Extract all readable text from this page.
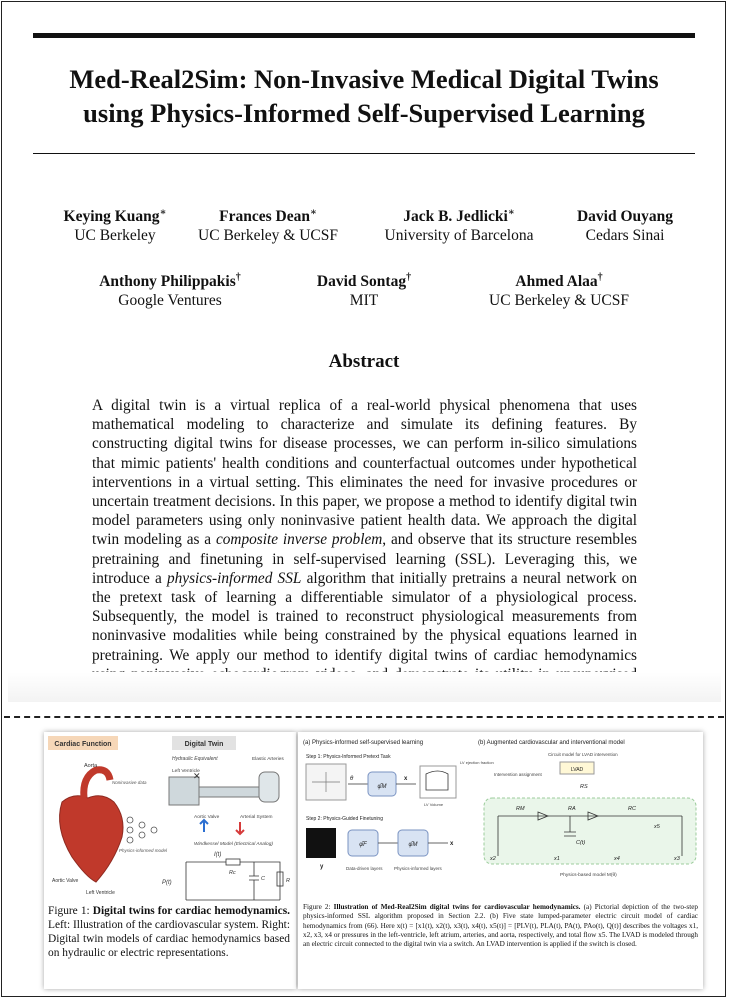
Med-Real2Sim: Non-Invasive Medical Digital Twins
using Physics-Informed Self-Supervised Learning
Keying Kuang∗
UC Berkeley
Frances Dean∗
UC Berkeley & UCSF
Jack B. Jedlicki∗
University of Barcelona
David Ouyang
Cedars Sinai
Anthony Philippakis†
Google Ventures
David Sontag†
MIT
Ahmed Alaa†
UC Berkeley & UCSF
Abstract
A digital twin is a virtual replica of a real-world physical phenomena that uses mathematical modeling to characterize and simulate its defining features. By constructing digital twins for disease processes, we can perform in-silico simulations that mimic patients' health conditions and counterfactual outcomes under hypothetical interventions in a virtual setting. This eliminates the need for invasive procedures or uncertain treatment decisions. In this paper, we propose a method to identify digital twin model parameters using only noninvasive patient health data. We approach the digital twin modeling as a composite inverse problem, and observe that its structure resembles pretraining and finetuning in self-supervised learning (SSL). Leveraging this, we introduce a physics-informed SSL algorithm that initially pretrains a neural network on the pretext task of learning a differentiable simulator of a physiological process. Subsequently, the model is trained to reconstruct physiological measurements from noninvasive modalities while being constrained by the physical equations learned in pretraining. We apply our method to identify digital twins of cardiac hemodynamics
Cardiac Function	Digital Twin
Aorta
Noninvasive data
Physics-informed model
Aortic Valve
Left Ventricle
Hydraulic Equivalent
Left Ventricle
Elastic Arteries
✕
Aortic Valve	Arterial System
Windkessel Model (Electrical Analog)
I(t)
P(t)
Rc
C	R
Figure 1: Digital twins for cardiac hemodynamics. Left: Illustration of the cardiovascular system. Right: Digital twin models of cardiac hemodynamics based on hydraulic or electric representations.
(a) Physics-informed self-supervised learning	(b) Augmented cardiovascular and interventional model
Step 1: Physics-Informed Pretext Task
θ
φ̂M
x
LV Volume
LV ejection fraction
Step 2: Physics-Guided Finetuning
y
φ̂F	φ̂M	x
Data-driven layers	Physics-informed layers
Circuit model for LVAD intervention
LVAD
Intervention assignment
RS
RM	RA	RC
C(t)
x2	x1	x4	x3
x5
Physics-based model M(θ)
Figure 2: Illustration of Med-Real2Sim digital twins for cardiovascular hemodynamics. (a) Pictorial depiction of the two-step physics-informed SSL algorithm proposed in Section 2.2. (b) Five state lumped-parameter electric circuit model of cardiac hemodynamics from (66). Here x(t) = [x1(t), x2(t), x3(t), x4(t), x5(t)] = [PLV(t), PLA(t), PA(t), PAo(t), Q(t)] describes the voltages x1, x2, x3, x4 or pressures in the left-ventricle, left atrium, arteries, and aorta, respectively, and total flow x5. The LVAD is modeled through an electric circuit connected to the digital twin via a switch. An LVAD intervention is applied if the switch is closed.
